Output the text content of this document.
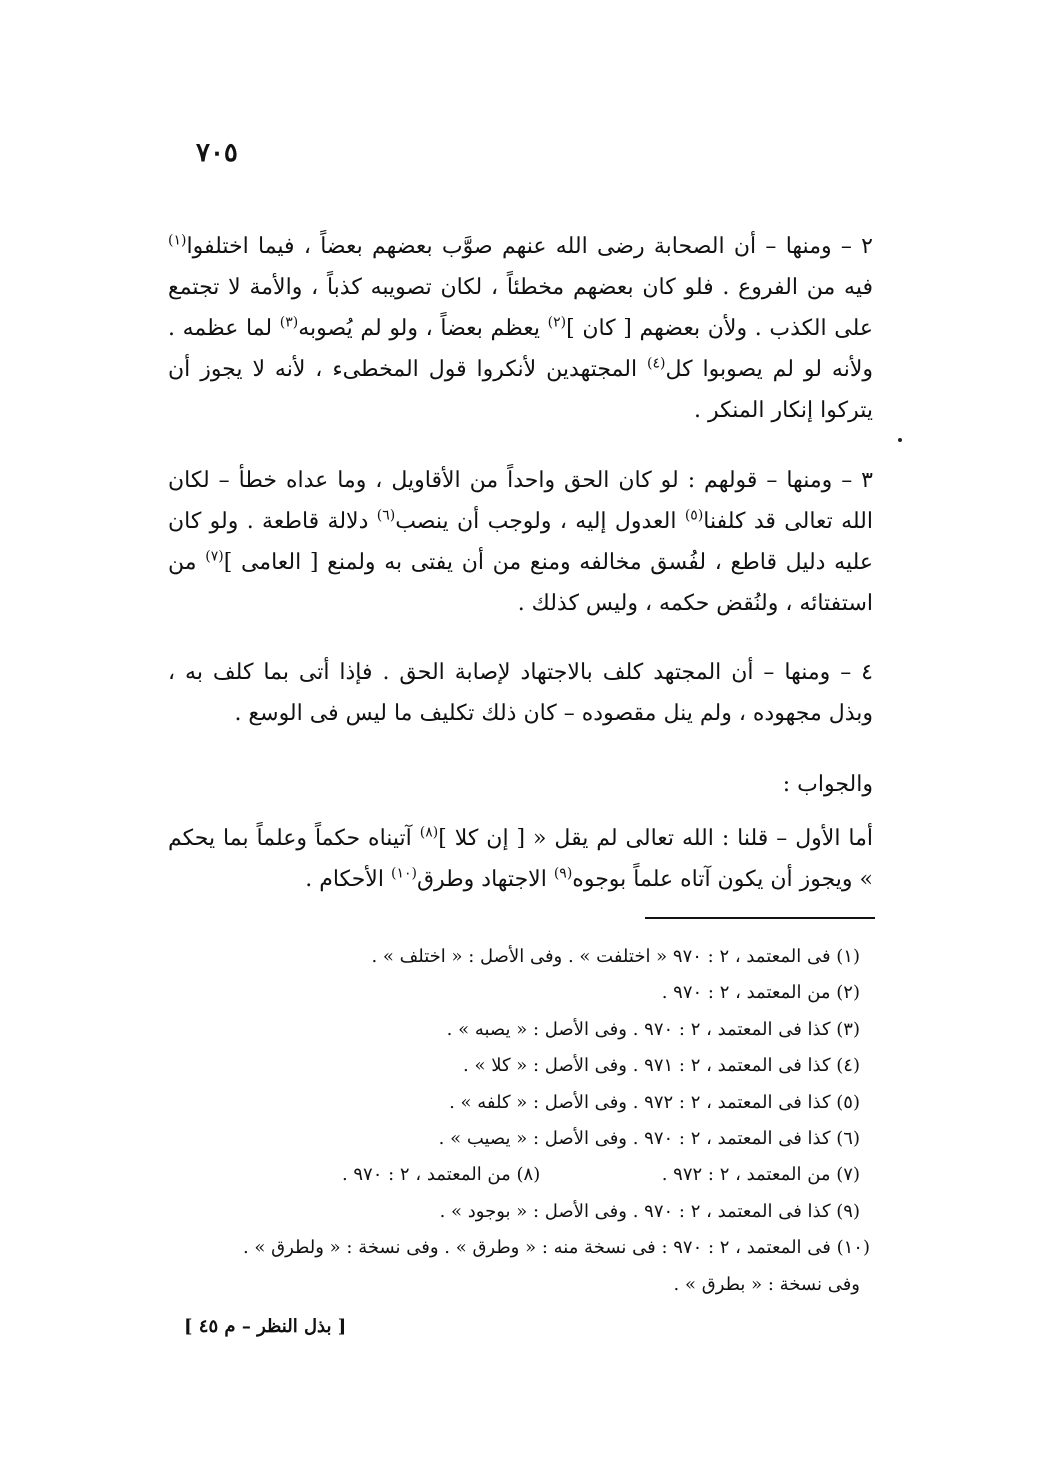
٧٠٥

٢ – ومنها – أن الصحابة رضى الله عنهم صوَّب بعضهم بعضاً ، فيما اختلفوا$^{(١)}$ فيه من الفروع . فلو كان بعضهم مخطئاً ، لكان تصويبه كذباً ، والأمة لا تجتمع على الكذب . ولأن بعضهم [ كان ]$^{(٢)}$ يعظم بعضاً ، ولو لم يُصوبه$^{(٣)}$ لما عظمه . ولأنه لو لم يصوبوا كل$^{(٤)}$ المجتهدين لأنكروا قول المخطىء ، لأنه لا يجوز أن يتركوا إنكار المنكر .

٣ – ومنها – قولهم : لو كان الحق واحداً من الأقاويل ، وما عداه خطأ – لكان الله تعالى قد كلفنا$^{(٥)}$ العدول إليه ، ولوجب أن ينصب$^{(٦)}$ دلالة قاطعة . ولو كان عليه دليل قاطع ، لفُسق مخالفه ومنع من أن يفتى به ولمنع [ العامى ]$^{(٧)}$ من استفتائه ، ولنُقض حكمه ، وليس كذلك .

٤ – ومنها – أن المجتهد كلف بالاجتهاد لإصابة الحق . فإذا أتى بما كلف به ، وبذل مجهوده ، ولم ينل مقصوده – كان ذلك تكليف ما ليس فى الوسع .

والجواب :

أما الأول – قلنا : الله تعالى لم يقل « [ إن كلا ]$^{(٨)}$ آتيناه حكماً وعلماً بما يحكم » ويجوز أن يكون آتاه علماً بوجوه$^{(٩)}$ الاجتهاد وطرق$^{(١٠)}$ الأحكام .

(١) فى المعتمد ، ٢ : ٩٧٠ « اختلفت » . وفى الأصل : « اختلف » .
(٢) من المعتمد ، ٢ : ٩٧٠ .
(٣) كذا فى المعتمد ، ٢ : ٩٧٠ . وفى الأصل : « يصبه » .
(٤) كذا فى المعتمد ، ٢ : ٩٧١ . وفى الأصل : « كلا » .
(٥) كذا فى المعتمد ، ٢ : ٩٧٢ . وفى الأصل : « كلفه » .
(٦) كذا فى المعتمد ، ٢ : ٩٧٠ . وفى الأصل : « يصيب » .
(٧) من المعتمد ، ٢ : ٩٧٢ .  (٨) من المعتمد ، ٢ : ٩٧٠ .
(٩) كذا فى المعتمد ، ٢ : ٩٧٠ . وفى الأصل : « بوجود » .
(١٠) فى المعتمد ، ٢ : ٩٧٠ : فى نسخة منه : « وطرق » . وفى نسخة : « ولطرق » .
وفى نسخة : « بطرق » .
[ بذل النظر – م ٤٥ ]
